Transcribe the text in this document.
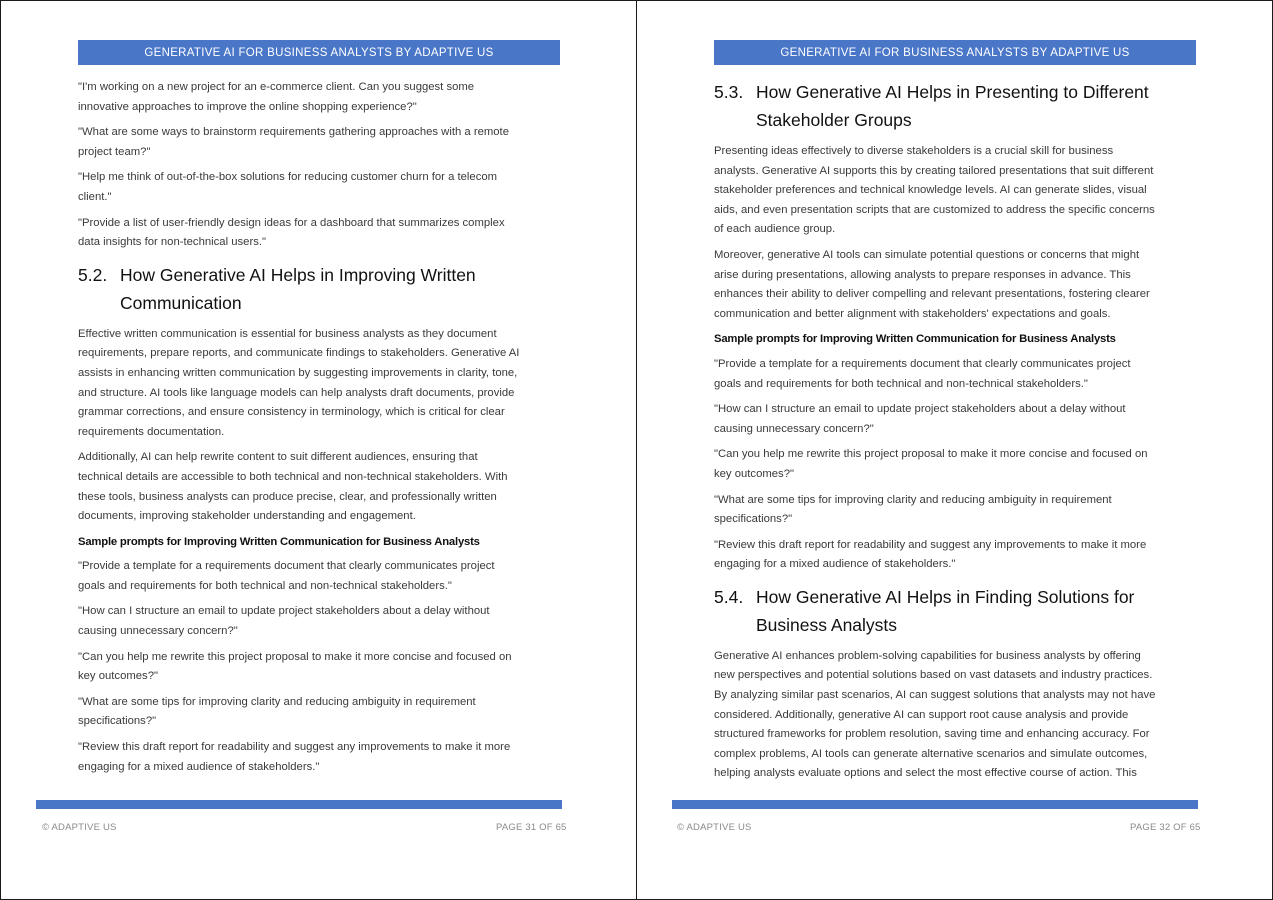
GENERATIVE AI FOR BUSINESS ANALYSTS BY ADAPTIVE US

"I'm working on a new project for an e-commerce client. Can you suggest some innovative approaches to improve the online shopping experience?"

"What are some ways to brainstorm requirements gathering approaches with a remote project team?"

"Help me think of out-of-the-box solutions for reducing customer churn for a telecom client."

"Provide a list of user-friendly design ideas for a dashboard that summarizes complex data insights for non-technical users."

5.2. How Generative AI Helps in Improving Written Communication

Effective written communication is essential for business analysts as they document requirements, prepare reports, and communicate findings to stakeholders. Generative AI assists in enhancing written communication by suggesting improvements in clarity, tone, and structure. AI tools like language models can help analysts draft documents, provide grammar corrections, and ensure consistency in terminology, which is critical for clear requirements documentation.

Additionally, AI can help rewrite content to suit different audiences, ensuring that technical details are accessible to both technical and non-technical stakeholders. With these tools, business analysts can produce precise, clear, and professionally written documents, improving stakeholder understanding and engagement.

Sample prompts for Improving Written Communication for Business Analysts

"Provide a template for a requirements document that clearly communicates project goals and requirements for both technical and non-technical stakeholders."

"How can I structure an email to update project stakeholders about a delay without causing unnecessary concern?"

"Can you help me rewrite this project proposal to make it more concise and focused on key outcomes?"

"What are some tips for improving clarity and reducing ambiguity in requirement specifications?"

"Review this draft report for readability and suggest any improvements to make it more engaging for a mixed audience of stakeholders."

© ADAPTIVE US	PAGE 31 OF 65
GENERATIVE AI FOR BUSINESS ANALYSTS BY ADAPTIVE US
5.3. How Generative AI Helps in Presenting to Different Stakeholder Groups

Presenting ideas effectively to diverse stakeholders is a crucial skill for business analysts. Generative AI supports this by creating tailored presentations that suit different stakeholder preferences and technical knowledge levels. AI can generate slides, visual aids, and even presentation scripts that are customized to address the specific concerns of each audience group.

Moreover, generative AI tools can simulate potential questions or concerns that might arise during presentations, allowing analysts to prepare responses in advance. This enhances their ability to deliver compelling and relevant presentations, fostering clearer communication and better alignment with stakeholders' expectations and goals.

Sample prompts for Improving Written Communication for Business Analysts

"Provide a template for a requirements document that clearly communicates project goals and requirements for both technical and non-technical stakeholders."

"How can I structure an email to update project stakeholders about a delay without causing unnecessary concern?"

"Can you help me rewrite this project proposal to make it more concise and focused on key outcomes?"

"What are some tips for improving clarity and reducing ambiguity in requirement specifications?"

"Review this draft report for readability and suggest any improvements to make it more engaging for a mixed audience of stakeholders."

5.4. How Generative AI Helps in Finding Solutions for Business Analysts

Generative AI enhances problem-solving capabilities for business analysts by offering new perspectives and potential solutions based on vast datasets and industry practices. By analyzing similar past scenarios, AI can suggest solutions that analysts may not have considered. Additionally, generative AI can support root cause analysis and provide structured frameworks for problem resolution, saving time and enhancing accuracy. For complex problems, AI tools can generate alternative scenarios and simulate outcomes, helping analysts evaluate options and select the most effective course of action. This

© ADAPTIVE US	PAGE 32 OF 65
